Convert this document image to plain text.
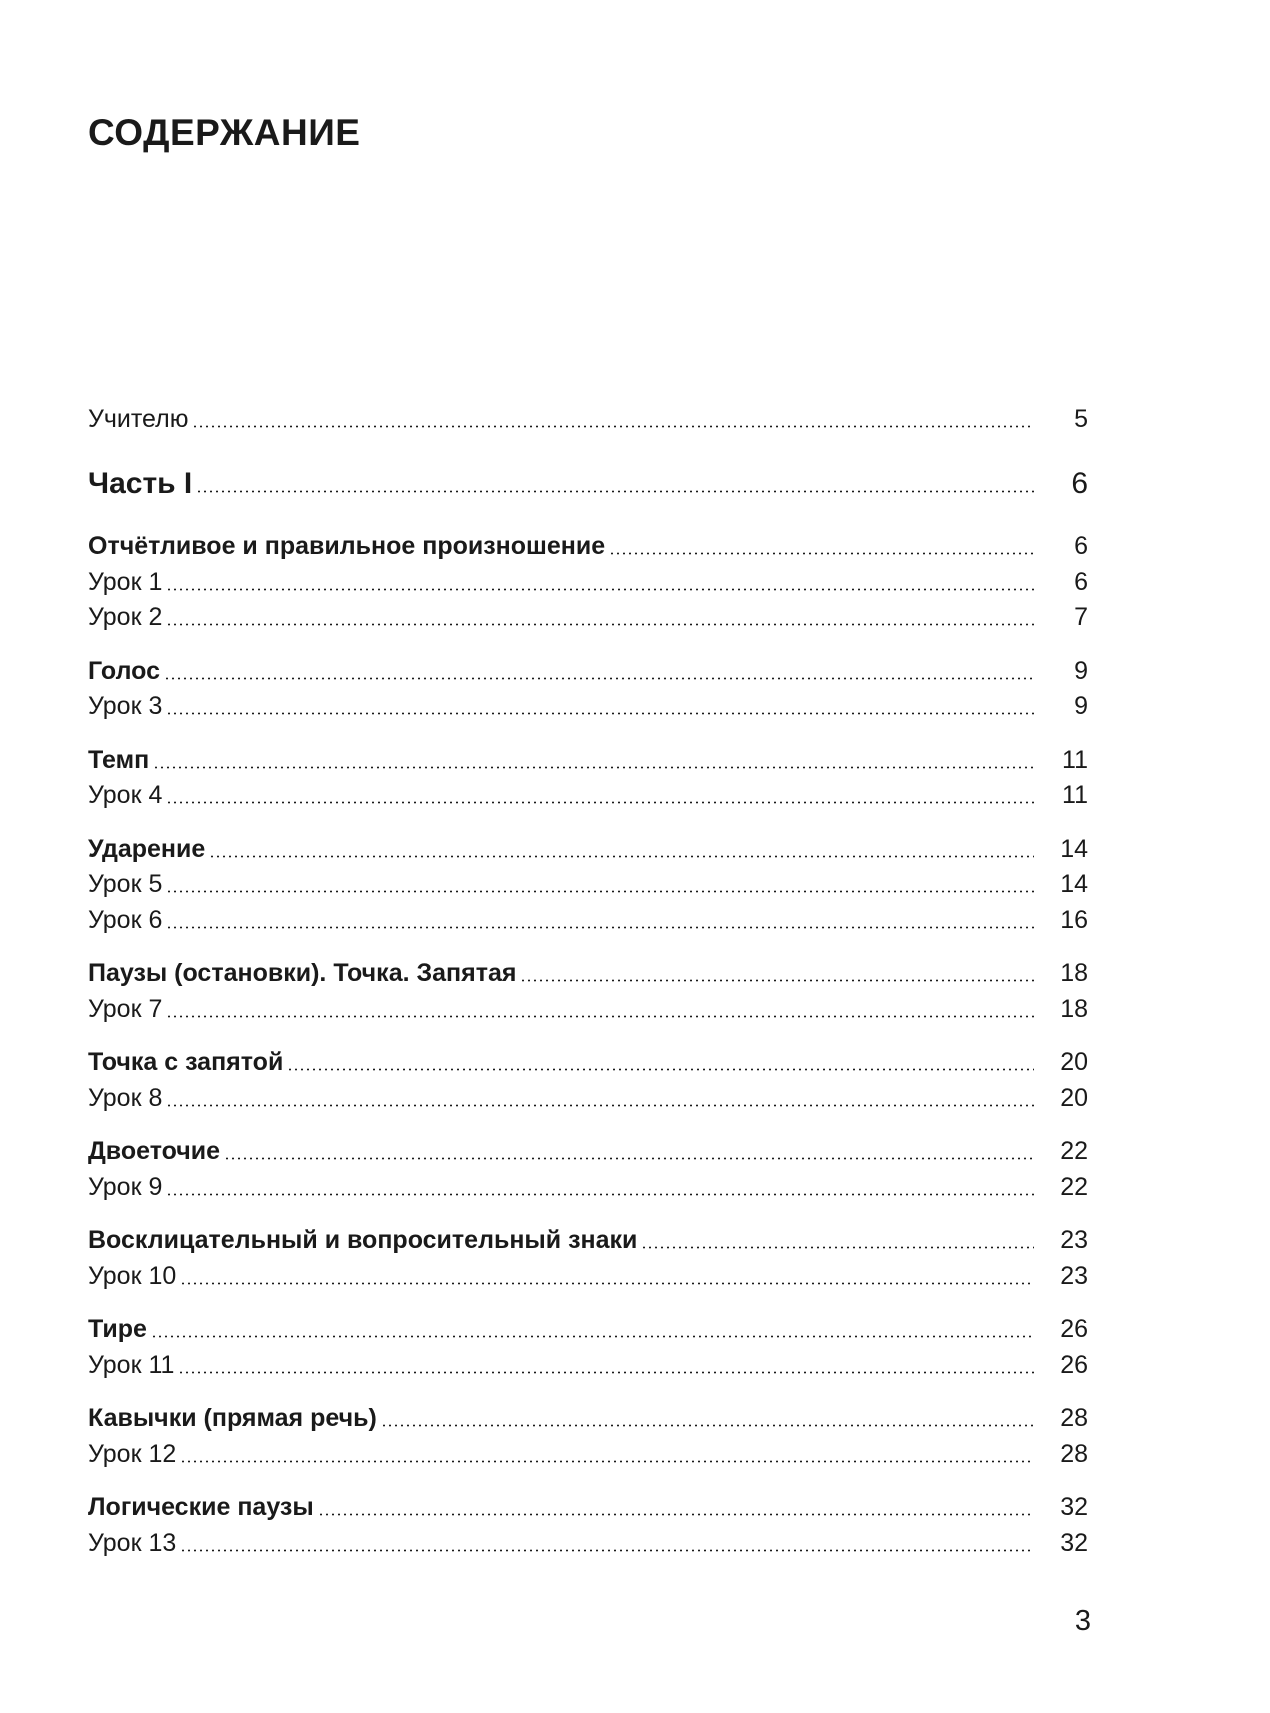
СОДЕРЖАНИЕ
Учителю	5
Часть I	6
Отчётливое и правильное произношение	6
Урок 1	6
Урок 2	7
Голос	9
Урок 3	9
Темп	11
Урок 4	11
Ударение	14
Урок 5	14
Урок 6	16
Паузы (остановки). Точка. Запятая	18
Урок 7	18
Точка с запятой	20
Урок 8	20
Двоеточие	22
Урок 9	22
Восклицательный и вопросительный знаки	23
Урок 10	23
Тире	26
Урок 11	26
Кавычки (прямая речь)	28
Урок 12	28
Логические паузы	32
Урок 13	32
3
